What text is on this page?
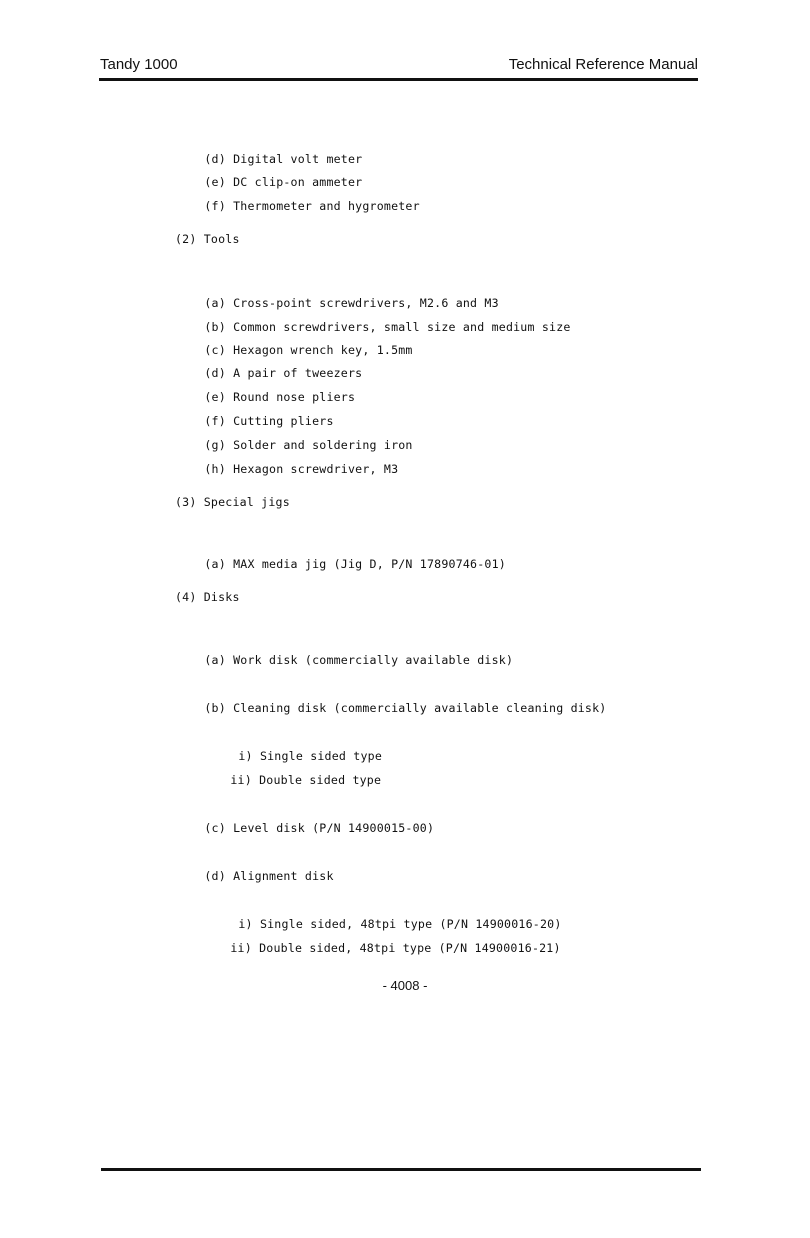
Tandy 1000	Technical Reference Manual

(d) Digital volt meter

(e) DC clip-on ammeter

(f) Thermometer and hygrometer

(2) Tools

(a) Cross-point screwdrivers, M2.6 and M3

(b) Common screwdrivers, small size and medium size

(c) Hexagon wrench key, 1.5mm

(d) A pair of tweezers

(e) Round nose pliers

(f) Cutting pliers

(g) Solder and soldering iron

(h) Hexagon screwdriver, M3

(3) Special jigs

(a) MAX media jig (Jig D, P/N 17890746-01)

(4) Disks

(a) Work disk (commercially available disk)

(b) Cleaning disk (commercially available cleaning disk)

i) Single sided type

ii) Double sided type

(c) Level disk (P/N 14900015-00)

(d) Alignment disk

i) Single sided, 48tpi type (P/N 14900016-20)

ii) Double sided, 48tpi type (P/N 14900016-21)

- 4008 -
